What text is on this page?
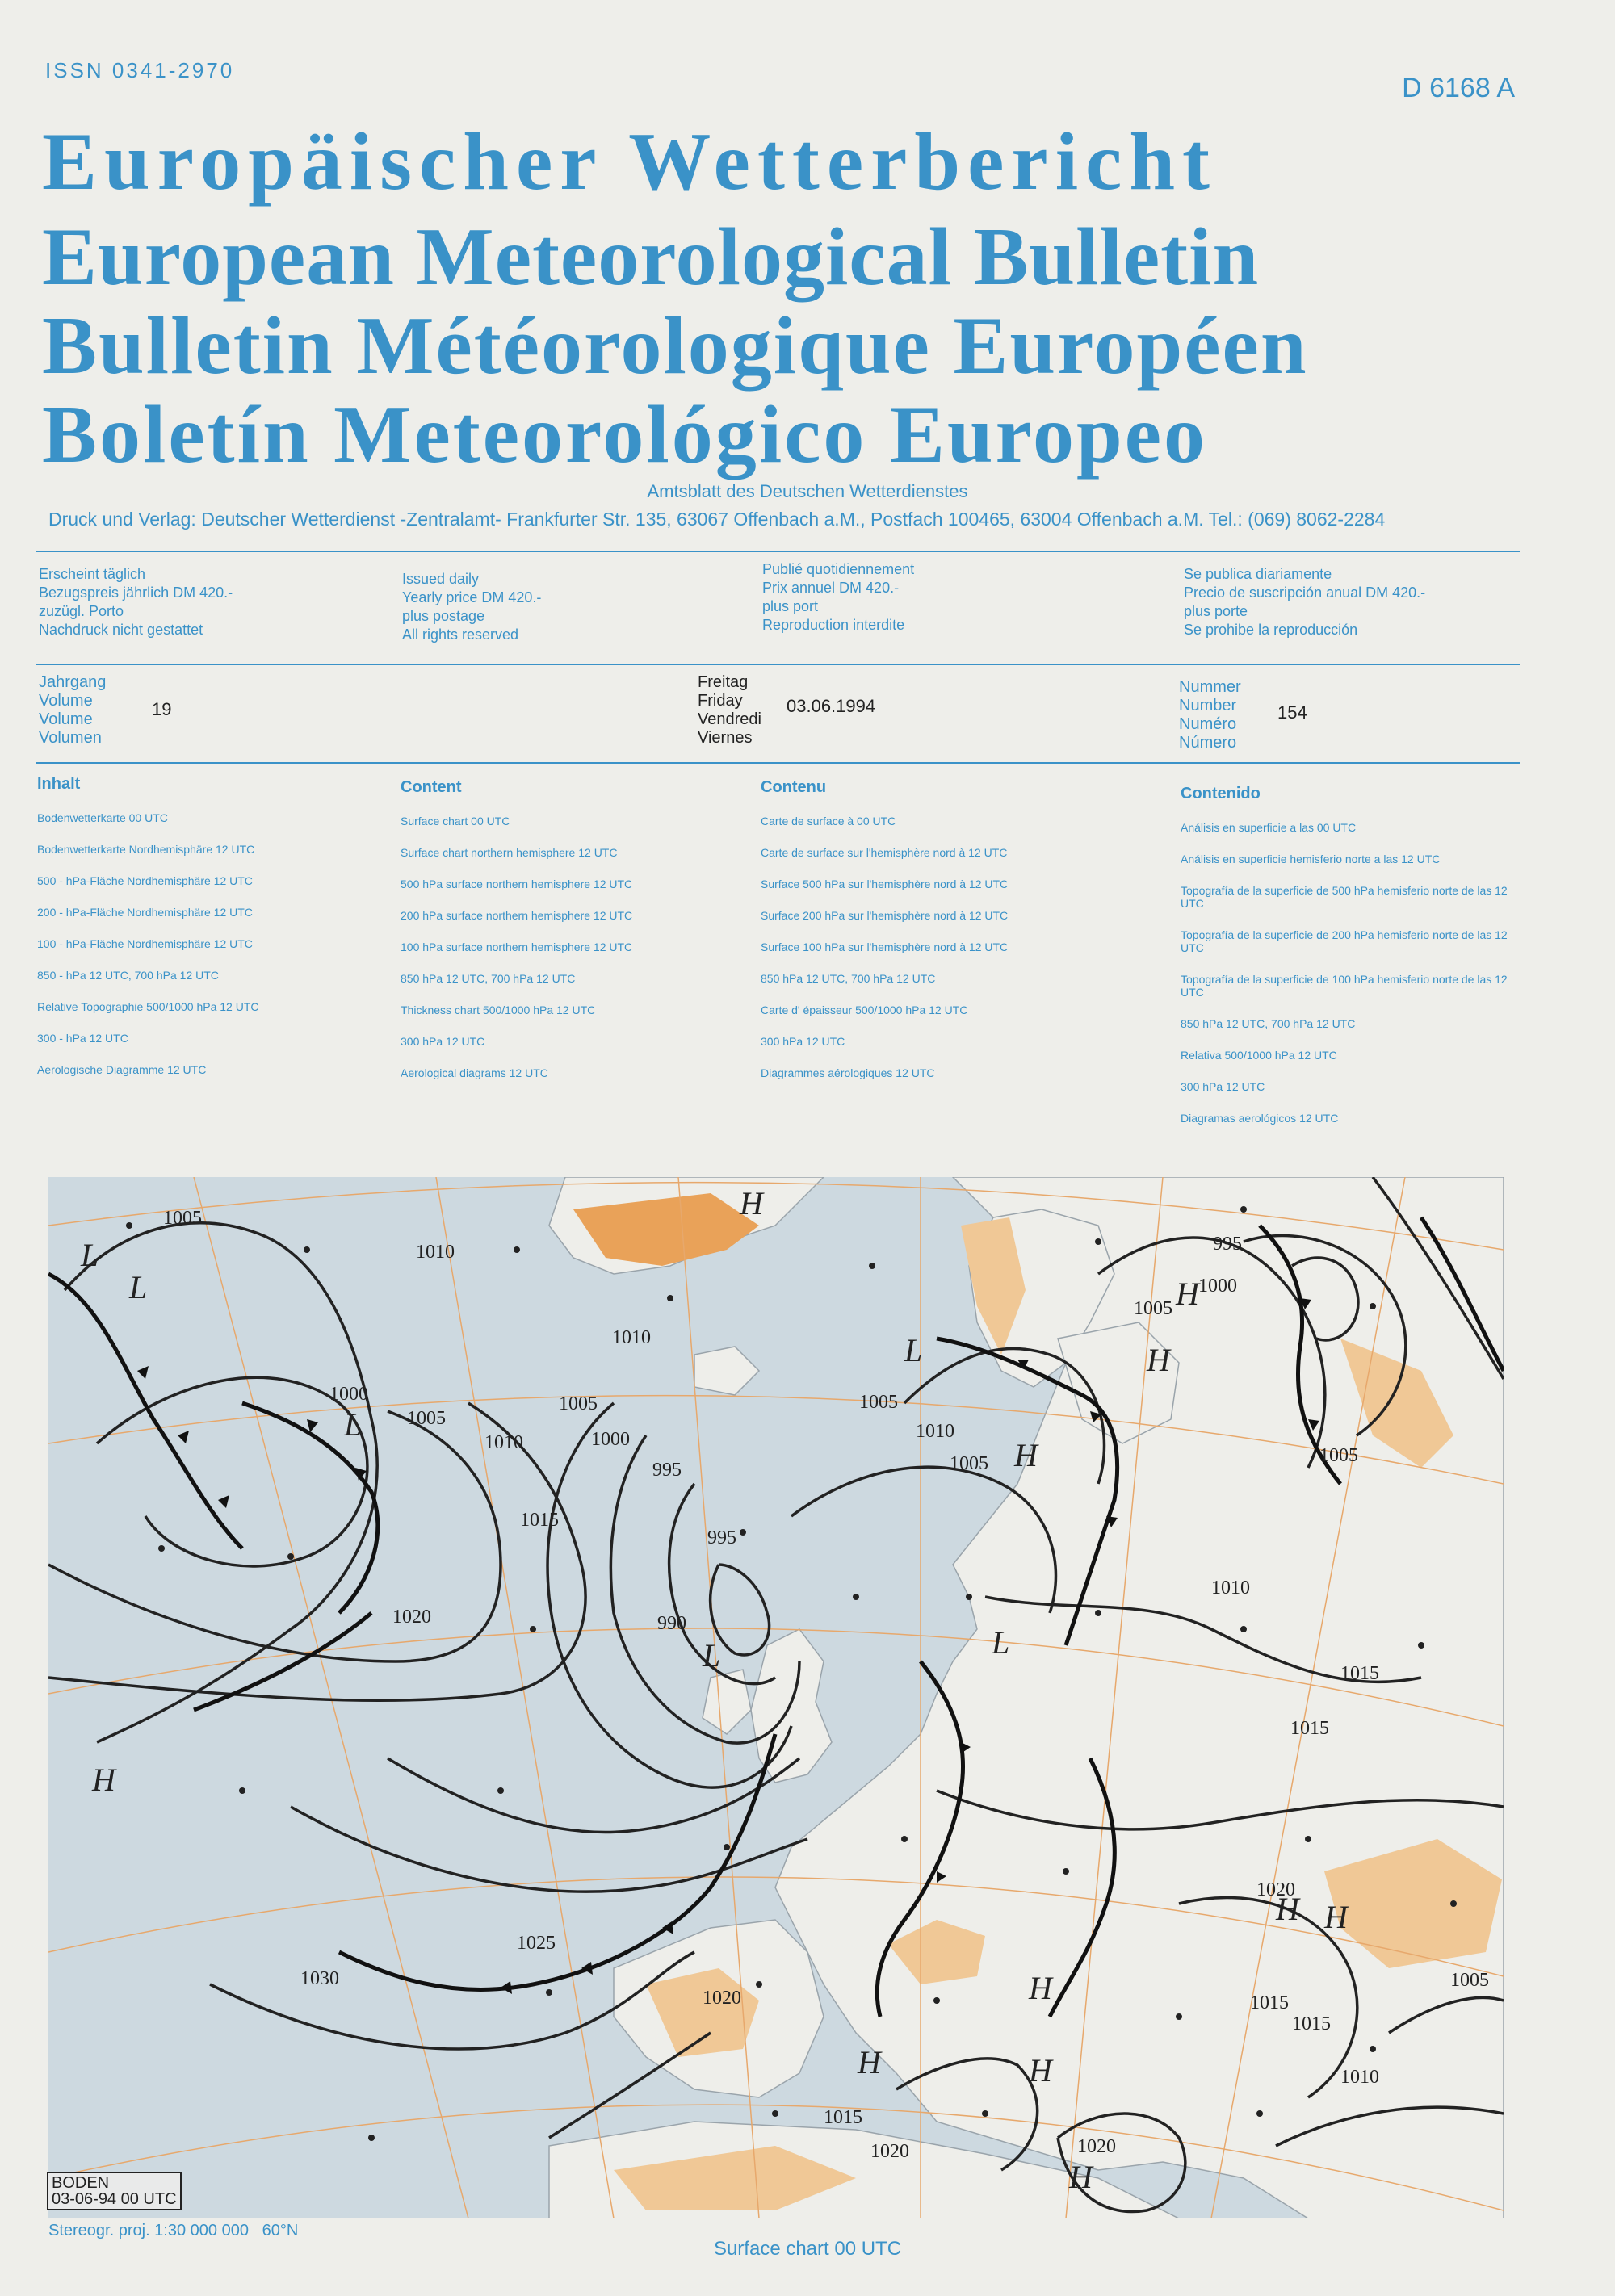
ISSN 0341-2970
D 6168 A
Europäischer Wetterbericht
European Meteorological Bulletin
Bulletin Météorologique Européen
Boletín Meteorológico Europeo
Amtsblatt des Deutschen Wetterdienstes
Druck und Verlag: Deutscher Wetterdienst -Zentralamt- Frankfurter Str. 135, 63067 Offenbach a.M., Postfach 100465, 63004 Offenbach a.M. Tel.: (069) 8062-2284
Erscheint täglich
Bezugspreis jährlich DM 420.-
zuzügl. Porto
Nachdruck nicht gestattet
Issued daily
Yearly price DM 420.-
plus postage
All rights reserved
Publié quotidiennement
Prix annuel DM 420.-
plus port
Reproduction interdite
Se publica diariamente
Precio de suscripción anual DM 420.-
plus porte
Se prohibe la reproducción
Jahrgang
Volume
Volume
Volumen
19
Freitag
Friday
Vendredi
Viernes
03.06.1994
Nummer
Number
Numéro
Número
154
Inhalt
Bodenwetterkarte 00 UTC
Bodenwetterkarte Nordhemisphäre 12 UTC
500 - hPa-Fläche Nordhemisphäre 12 UTC
200 - hPa-Fläche Nordhemisphäre 12 UTC
100 - hPa-Fläche Nordhemisphäre 12 UTC
850 - hPa 12 UTC, 700 hPa 12 UTC
Relative Topographie 500/1000 hPa 12 UTC
300 - hPa 12 UTC
Aerologische Diagramme 12 UTC
Content
Surface chart 00 UTC
Surface chart northern hemisphere 12 UTC
500 hPa surface northern hemisphere 12 UTC
200 hPa surface northern hemisphere 12 UTC
100 hPa surface northern hemisphere 12 UTC
850 hPa 12 UTC, 700 hPa 12 UTC
Thickness chart 500/1000 hPa 12 UTC
300 hPa 12 UTC
Aerological diagrams 12 UTC
Contenu
Carte de surface à 00 UTC
Carte de surface sur l'hemisphère nord à 12 UTC
Surface 500 hPa sur l'hemisphère nord à 12 UTC
Surface 200 hPa sur l'hemisphère nord à 12 UTC
Surface 100 hPa sur l'hemisphère nord à 12 UTC
850 hPa 12 UTC, 700 hPa 12 UTC
Carte d' épaisseur 500/1000 hPa 12 UTC
300 hPa 12 UTC
Diagrammes aérologiques 12 UTC
Contenido
Análisis en superficie a las 00 UTC
Análisis en superficie hemisferio norte a las 12 UTC
Topografía de la superficie de 500 hPa hemisferio norte de las 12 UTC
Topografía de la superficie de 200 hPa hemisferio norte de las 12 UTC
Topografía de la superficie de 100 hPa hemisferio norte de las 12 UTC
850 hPa 12 UTC, 700 hPa 12 UTC
Relativa 500/1000 hPa 12 UTC
300 hPa 12 UTC
Diagramas aerológicos 12 UTC
1005
1010
1010
995
1000
1005
1000
1005
1010
1005
1000
995
1005
1005
1010
1015
995
990
1020
1015
1010
1005
1015
1020
1030
1025
1020
1020
1015
1015
1020
1010
1005
1015
H
L
L
L
L
L
H
H
H
H
L
H
H
H
H
H
H
BODEN
03-06-94 00 UTC
Stereogr. proj. 1:30 000 000 60°N
Surface chart 00 UTC
